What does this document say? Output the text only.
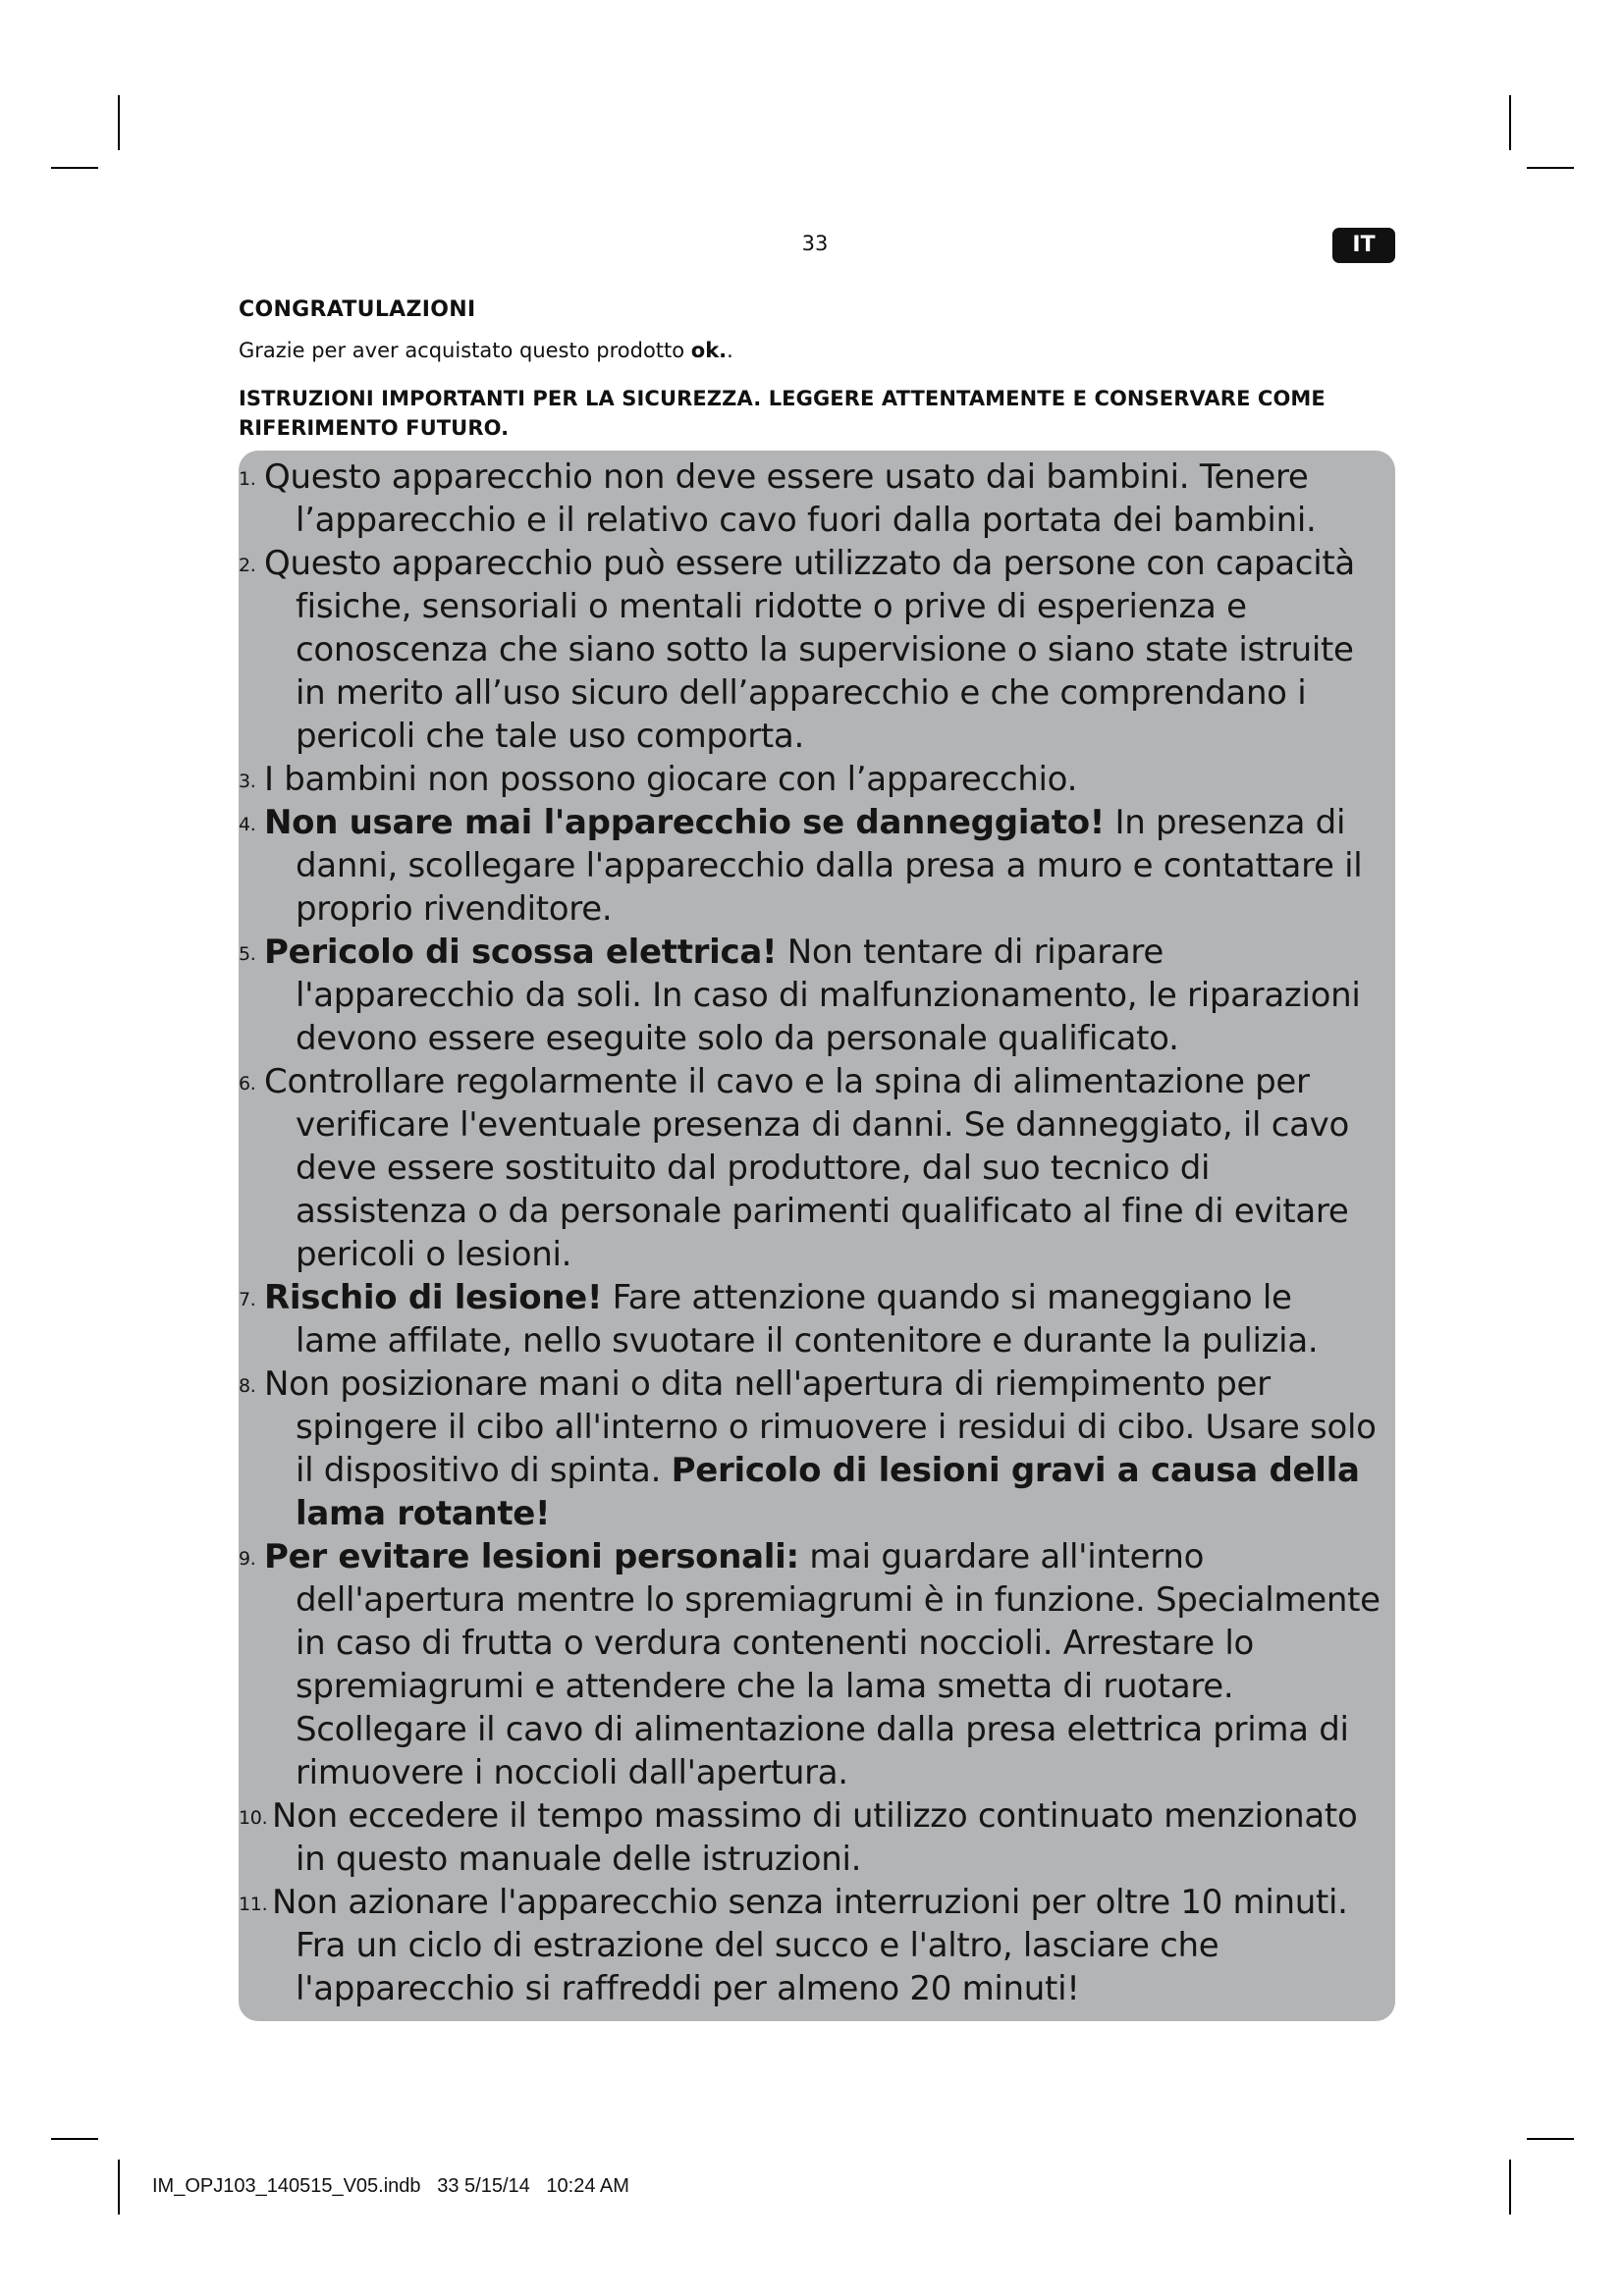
33	IT
CONGRATULAZIONI
Grazie per aver acquistato questo prodotto ok..
ISTRUZIONI IMPORTANTI PER LA SICUREZZA. LEGGERE ATTENTAMENTE E CONSERVARE COME RIFERIMENTO FUTURO.
1. Questo apparecchio non deve essere usato dai bambini. Tenere l’apparecchio e il relativo cavo fuori dalla portata dei bambini.
2. Questo apparecchio può essere utilizzato da persone con capacità fisiche, sensoriali o mentali ridotte o prive di esperienza e conoscenza che siano sotto la supervisione o siano state istruite in merito all’uso sicuro dell’apparecchio e che comprendano i pericoli che tale uso comporta.
3. I bambini non possono giocare con l’apparecchio.
4. Non usare mai l'apparecchio se danneggiato! In presenza di danni, scollegare l'apparecchio dalla presa a muro e contattare il proprio rivenditore.
5. Pericolo di scossa elettrica! Non tentare di riparare l'apparecchio da soli. In caso di malfunzionamento, le riparazioni devono essere eseguite solo da personale qualificato.
6. Controllare regolarmente il cavo e la spina di alimentazione per verificare l'eventuale presenza di danni. Se danneggiato, il cavo deve essere sostituito dal produttore, dal suo tecnico di assistenza o da personale parimenti qualificato al fine di evitare pericoli o lesioni.
7. Rischio di lesione! Fare attenzione quando si maneggiano le lame affilate, nello svuotare il contenitore e durante la pulizia.
8. Non posizionare mani o dita nell'apertura di riempimento per spingere il cibo all'interno o rimuovere i residui di cibo. Usare solo il dispositivo di spinta. Pericolo di lesioni gravi a causa della lama rotante!
9. Per evitare lesioni personali: mai guardare all'interno dell'apertura mentre lo spremiagrumi è in funzione. Specialmente in caso di frutta o verdura contenenti noccioli. Arrestare lo spremiagrumi e attendere che la lama smetta di ruotare. Scollegare il cavo di alimentazione dalla presa elettrica prima di rimuovere i noccioli dall'apertura.
10. Non eccedere il tempo massimo di utilizzo continuato menzionato in questo manuale delle istruzioni.
11. Non azionare l'apparecchio senza interruzioni per oltre 10 minuti. Fra un ciclo di estrazione del succo e l'altro, lasciare che l'apparecchio si raffreddi per almeno 20 minuti!
IM_OPJ103_140515_V05.indb   33 5/15/14   10:24 AM
